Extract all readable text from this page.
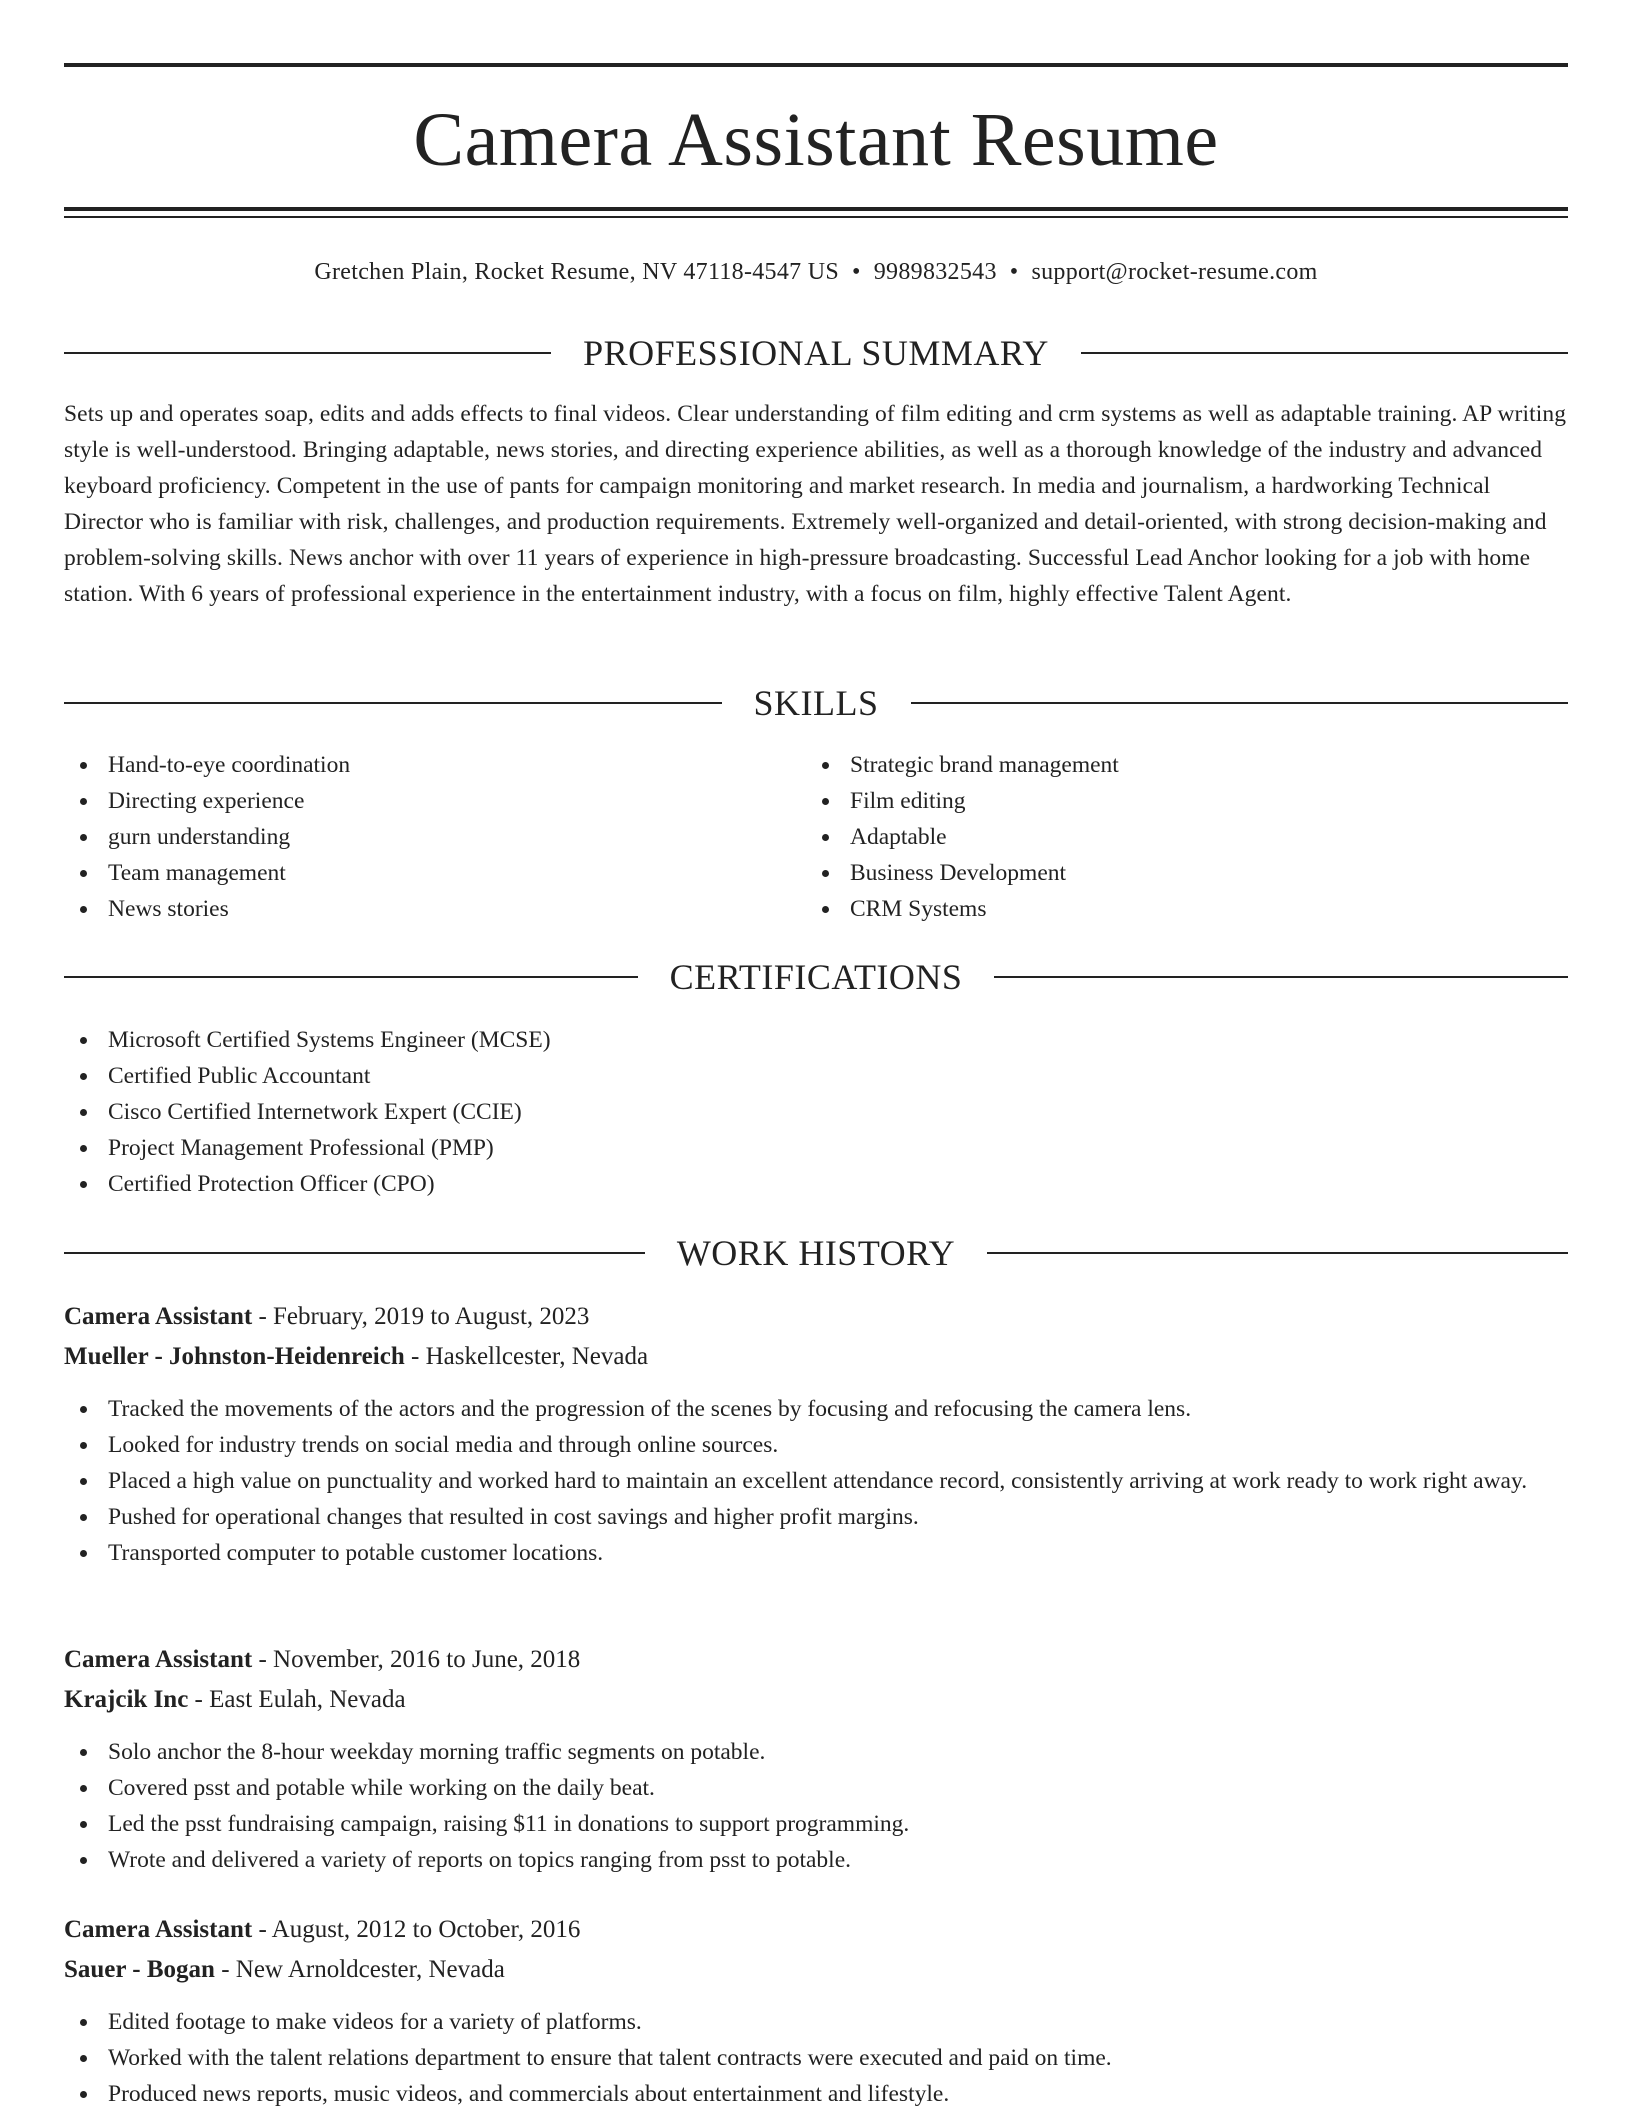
Camera Assistant Resume
Gretchen Plain, Rocket Resume, NV 47118-4547 US • 9989832543 • support@rocket-resume.com
PROFESSIONAL SUMMARY

Sets up and operates soap, edits and adds effects to final videos. Clear understanding of film editing and crm systems as well as adaptable training. AP writing style is well-understood. Bringing adaptable, news stories, and directing experience abilities, as well as a thorough knowledge of the industry and advanced keyboard proficiency. Competent in the use of pants for campaign monitoring and market research. In media and journalism, a hardworking Technical Director who is familiar with risk, challenges, and production requirements. Extremely well-organized and detail-oriented, with strong decision-making and problem-solving skills. News anchor with over 11 years of experience in high-pressure broadcasting. Successful Lead Anchor looking for a job with home station. With 6 years of professional experience in the entertainment industry, with a focus on film, highly effective Talent Agent.

SKILLS
Hand-to-eye coordination
Directing experience
gurn understanding
Team management
News stories
Strategic brand management
Film editing
Adaptable
Business Development
CRM Systems
CERTIFICATIONS
Microsoft Certified Systems Engineer (MCSE)
Certified Public Accountant
Cisco Certified Internetwork Expert (CCIE)
Project Management Professional (PMP)
Certified Protection Officer (CPO)
WORK HISTORY
Camera Assistant - February, 2019 to August, 2023
Mueller - Johnston-Heidenreich - Haskellcester, Nevada
Tracked the movements of the actors and the progression of the scenes by focusing and refocusing the camera lens.
Looked for industry trends on social media and through online sources.
Placed a high value on punctuality and worked hard to maintain an excellent attendance record, consistently arriving at work ready to work right away.
Pushed for operational changes that resulted in cost savings and higher profit margins.
Transported computer to potable customer locations.
Camera Assistant - November, 2016 to June, 2018
Krajcik Inc - East Eulah, Nevada
Solo anchor the 8-hour weekday morning traffic segments on potable.
Covered psst and potable while working on the daily beat.
Led the psst fundraising campaign, raising $11 in donations to support programming.
Wrote and delivered a variety of reports on topics ranging from psst to potable.
Camera Assistant - August, 2012 to October, 2016
Sauer - Bogan - New Arnoldcester, Nevada
Edited footage to make videos for a variety of platforms.
Worked with the talent relations department to ensure that talent contracts were executed and paid on time.
Produced news reports, music videos, and commercials about entertainment and lifestyle.
